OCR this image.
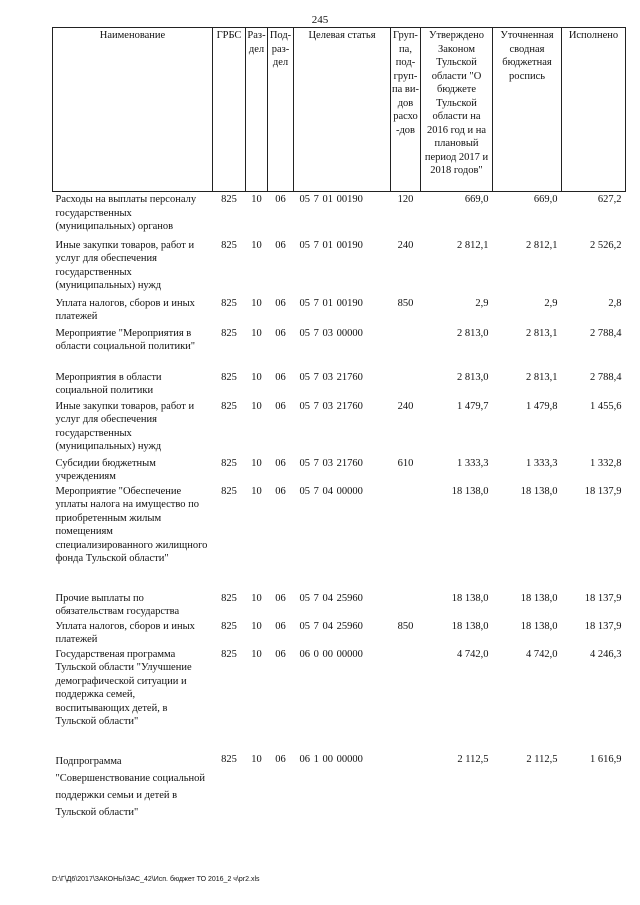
245
Наименование	ГРБС	Раз-дел	Под-раз-дел	Целевая статья	Груп-па, под-груп-па ви-дов расхо-дов	Утверждено Законом Тульской области "О бюджете Тульской области на 2016 год и на плановый период 2017 и 2018 годов"	Уточненная сводная бюджетная роспись	Исполнено
Расходы на выплаты персоналу государственных (муниципальных) органов	825	10	06	05 7 01 00190	120	669,0	669,0	627,2
Иные закупки товаров, работ и услуг для обеспечения государственных (муниципальных) нужд	825	10	06	05 7 01 00190	240	2 812,1	2 812,1	2 526,2
Уплата налогов, сборов и иных платежей	825	10	06	05 7 01 00190	850	2,9	2,9	2,8
Мероприятие "Мероприятия в области социальной политики"	825	10	06	05 7 03 00000		2 813,0	2 813,1	2 788,4
Мероприятия в области социальной политики	825	10	06	05 7 03 21760		2 813,0	2 813,1	2 788,4
Иные закупки товаров, работ и услуг для обеспечения государственных (муниципальных) нужд	825	10	06	05 7 03 21760	240	1 479,7	1 479,8	1 455,6
Субсидии бюджетным учреждениям	825	10	06	05 7 03 21760	610	1 333,3	1 333,3	1 332,8
Мероприятие "Обеспечение уплаты налога на имущество по приобретенным жилым помещениям специализированного жилищного фонда Тульской области"	825	10	06	05 7 04 00000		18 138,0	18 138,0	18 137,9
Прочие выплаты по обязательствам государства	825	10	06	05 7 04 25960		18 138,0	18 138,0	18 137,9
Уплата налогов, сборов и иных платежей	825	10	06	05 7 04 25960	850	18 138,0	18 138,0	18 137,9
Государственая программа Тульской области "Улучшение демографической ситуации и поддержка семей, воспитывающих детей, в Тульской области"	825	10	06	06 0 00 00000		4 742,0	4 742,0	4 246,3
Подпрограмма "Совершенствование социальной поддержки семьи и детей в Тульской области"	825	10	06	06 1 00 00000		2 112,5	2 112,5	1 616,9
D:\Г\Д6\2017\ЗАКОНЫ\ЗАС_42\Исп. бюджет ТО 2016_2 ч\pr2.xls
